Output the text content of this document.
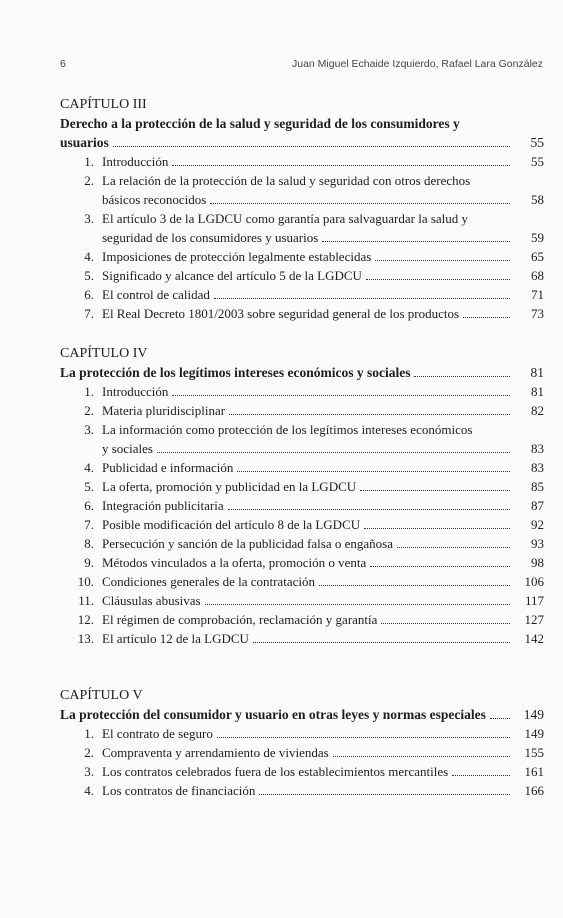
6	Juan Miguel Echaide Izquierdo, Rafael Lara González
CAPÍTULO III
Derecho a la protección de la salud y seguridad de los consumidores y
usuarios	55
1. Introducción	55
2. La relación de la protección de la salud y seguridad con otros derechos
básicos reconocidos	58
3. El artículo 3 de la LGDCU como garantía para salvaguardar la salud y
seguridad de los consumidores y usuarios	59
4. Imposiciones de protección legalmente establecidas	65
5. Significado y alcance del artículo 5 de la LGDCU	68
6. El control de calidad	71
7. El Real Decreto 1801/2003 sobre seguridad general de los productos	73
CAPÍTULO IV
La protección de los legítimos intereses económicos y sociales	81
1. Introducción	81
2. Materia pluridisciplinar	82
3. La información como protección de los legítimos intereses económicos
y sociales	83
4. Publicidad e información	83
5. La oferta, promoción y publicidad en la LGDCU	85
6. Integración publicitaria	87
7. Posible modificación del artículo 8 de la LGDCU	92
8. Persecución y sanción de la publicidad falsa o engañosa	93
9. Métodos vinculados a la oferta, promoción o venta	98
10. Condiciones generales de la contratación	106
11. Cláusulas abusivas	117
12. El régimen de comprobación, reclamación y garantía	127
13. El artículo 12 de la LGDCU	142
CAPÍTULO V
La protección del consumidor y usuario en otras leyes y normas especiales	149
1. El contrato de seguro	149
2. Compraventa y arrendamiento de viviendas	155
3. Los contratos celebrados fuera de los establecimientos mercantiles	161
4. Los contratos de financiación	166
